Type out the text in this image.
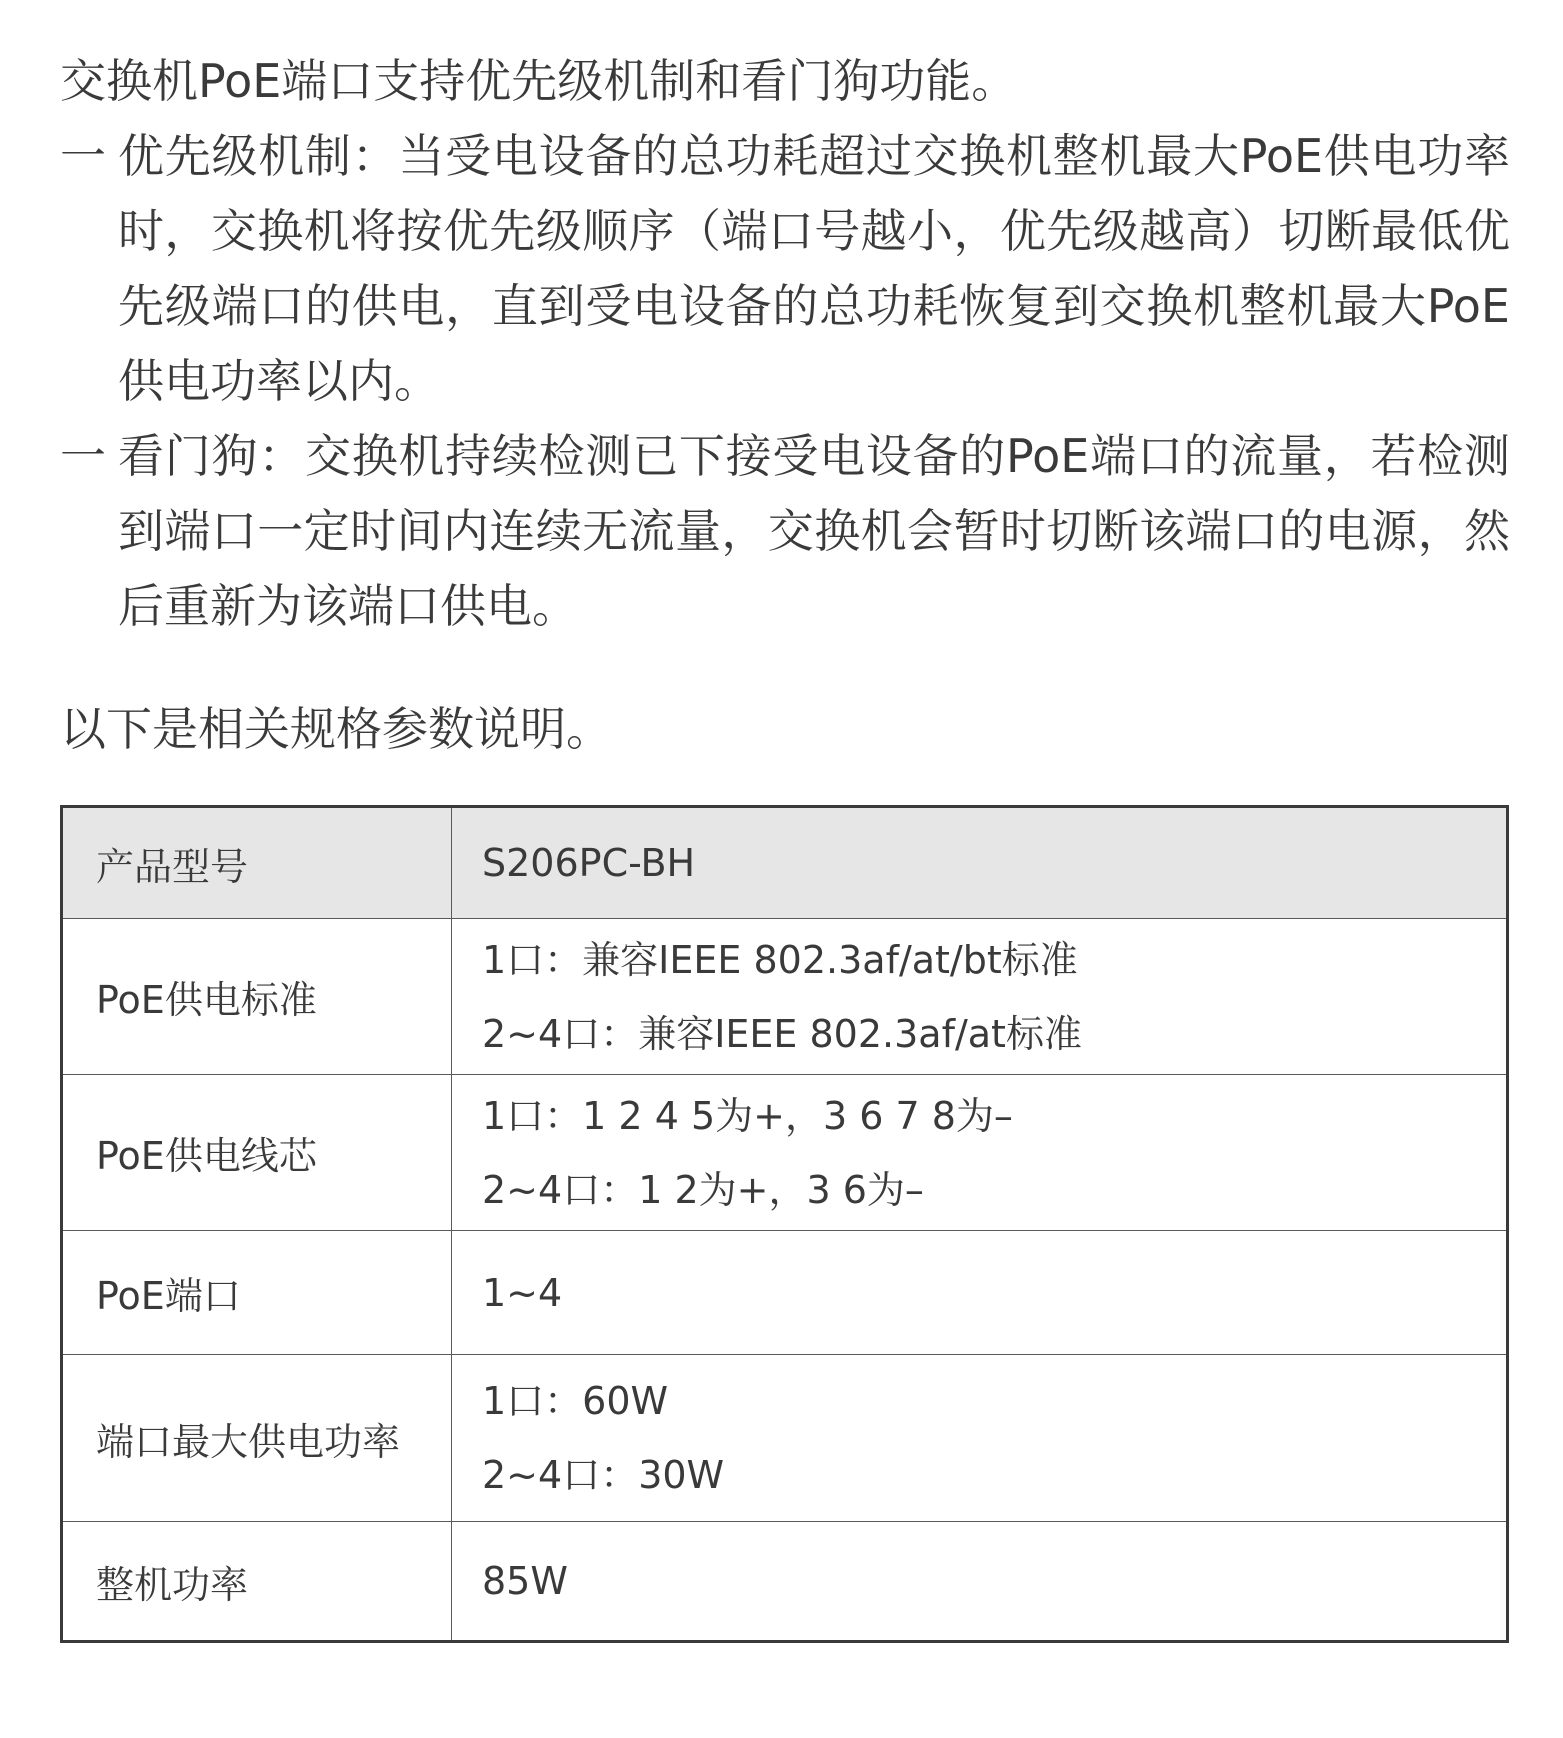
交换机PoE端口支持优先级机制和看门狗功能。

一 优先级机制：当受电设备的总功耗超过交换机整机最大PoE供电功率时，交换机将按优先级顺序（端口号越小，优先级越高）切断最低优先级端口的供电，直到受电设备的总功耗恢复到交换机整机最大PoE供电功率以内。
一 看门狗：交换机持续检测已下接受电设备的PoE端口的流量，若检测到端口一定时间内连续无流量，交换机会暂时切断该端口的电源，然后重新为该端口供电。

以下是相关规格参数说明。

产品型号	S206PC-BH
PoE供电标准	1口：兼容IEEE 802.3af/at/bt标准
2~4口：兼容IEEE 802.3af/at标准

PoE供电线芯	1口：1 2 4 5为+，3 6 7 8为–
2~4口：1 2为+，3 6为–

PoE端口	1~4

端口最大供电功率	1口：60W
2~4口：30W

整机功率	85W
